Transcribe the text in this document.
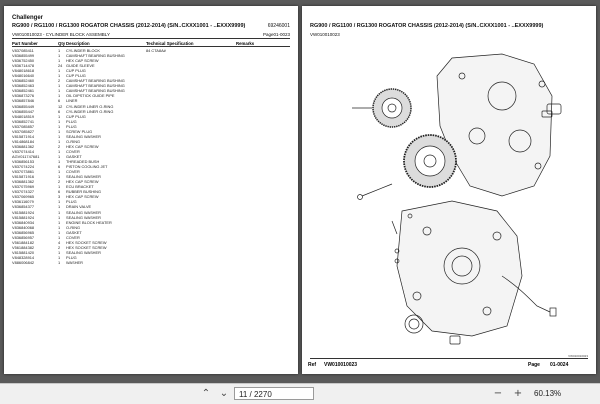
Challenger
RG900 / RG1100 / RG1300 ROGATOR CHASSIS (2012-2014) (S/N..CXXX1001 - ..EXXX9999)	69246001
VW010010023 - CYLINDER BLOCK ASSEMBLY	Page01-0023
Part Number	Qty Description	Technical Specification	Remarks
V837085411	1	CYLINDER BLOCK	84 CTA8A#
V836855499	1	CAMSHAFT BEARING BUSHING	
V836752450	1	HEX CAP SCREW	
V836714478	24	GUIDE SLEEVE	
V848018618	1	CUP PLUG	
V848016640	1	CUP PLUG	
V836852460	2	CAMSHAFT BEARING BUSHING	
V836852463	1	CAMSHAFT BEARING BUSHING	
V836852461	1	CAMSHAFT BEARING BUSHING	
V836873276	1	OIL DIPSTICK GUIDE PIPE	
V836857846	6	LINER	
V836855449	12	CYLINDER LINER O-RING	
V836855447	6	CYLINDER LINER O-RING	
V848018519	1	CUP PLUG	
V836852741	1	PLUG	
V837085857	1	PLUG	
V837085827	1	SCREW PLUG	
V815871914	1	SEALING WASHER	
V814868184	1	O-RING	
V836881362	2	HEX CAP SCREW	
V837074414	1	COVER	
AGV011747681	1	GASKET	
V836856153	1	THREADED BUSH	
V837074224	6	PISTON COOLING JET	
V837073861	1	COVER	
V815871916	1	SEALING WASHER	
V836881362	2	HEX CAP SCREW	
V837075969	1	ECU BRACKET	
V837074327	6	RUBBER BUSHING	
V837069965	3	HEX CAP SCREW	
V836116079	1	PLUG	
V836854377	1	DRAIN VALVE	
V815881924	1	SEALING WASHER	
V815881924	1	SEALING WASHER	
V836840934	1	ENGINE BLOCK HEATER	
V836840068	1	O-RING	
V836856965	1	GASKET	
V836856957	1	COVER	
V561884182	4	HEX SOCKET SCREW	
V561884382	2	HEX SOCKET SCREW	
V815881420	1	SEALING WASHER	
V848328914	1	PLUG	
V886006842	1	WASHER	
RG900 / RG1100 / RG1300 ROGATOR CHASSIS (2012-2014) (S/N..CXXX1001 - ..EXXX9999)
VW010010023
VW010010023
Ref VW010010023	Page 01-0024
⌃ ⌄	11 / 2270	−	+	60.13%
